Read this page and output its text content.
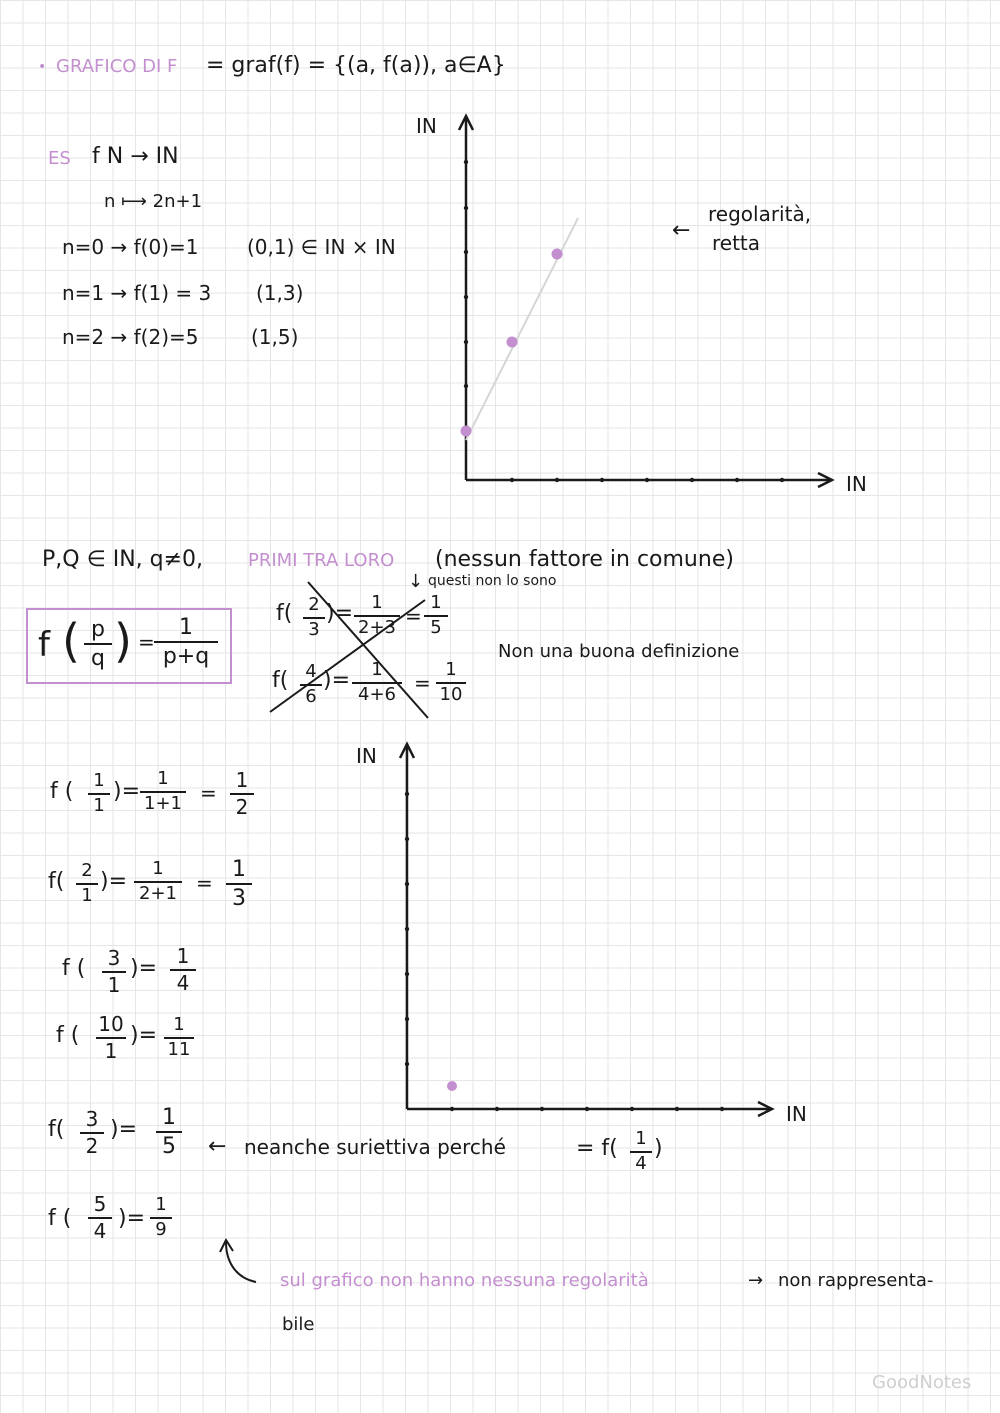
• GRAFICO DI F = graf(f) = {(a, f(a)), a∈A}
ES f N → IN
n ⟼ 2n+1
n=0 → f(0)=1 (0,1) ∈ IN × IN
n=1 → f(1) = 3 (1,3)
n=2 → f(2)=5	(1,5)
IN
IN
←
regolarità,
retta
P,Q ∈ IN, q≠0, PRIMI TRA LORO (nessun fattore in comune)
f ( p
q ) =
1
p+q
↓ questi non lo sono
f( 2
3
)=	1
2+3 =
1
5
f( 4
6
)=	1
4+6 =
1
10
Non una buona definizione
f ( 1
1
)=
1
1+1 =
1
2
f( 2
1
)=
1
2+1 =
1
3
f ( 3
1
)= 1
4
f ( 10
1
)= 1
11
f( 3
2
)= 1
5 ← neanche suriettiva perché	= f( 1
4
)
f (
5
4 )=
1
9
IN
IN
sul grafico non hanno nessuna regolarità	→ non rappresenta-
bile
GoodNotes
